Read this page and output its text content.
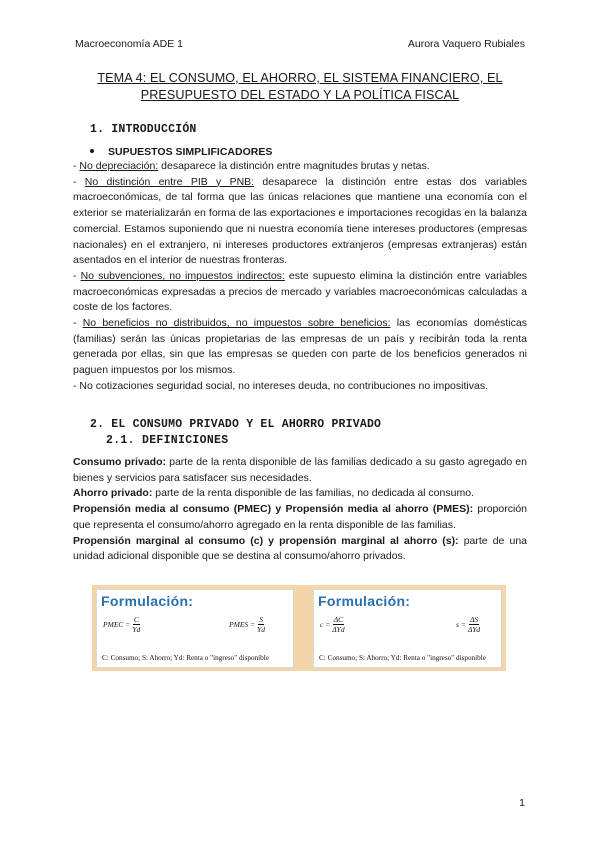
Macroeconomía ADE 1	Aurora Vaquero Rubiales
TEMA 4: EL CONSUMO, EL AHORRO, EL SISTEMA FINANCIERO, EL
PRESUPUESTO DEL ESTADO Y LA POLÍTICA FISCAL
1. INTRODUCCIÓN
SUPUESTOS SIMPLIFICADORES

- No depreciación: desaparece la distinción entre magnitudes brutas y netas.

- No distinción entre PIB y PNB: desaparece la distinción entre estas dos variables macroeconómicas, de tal forma que las únicas relaciones que mantiene una economía con el exterior se materializarán en forma de las exportaciones e importaciones recogidas en la balanza comercial. Estamos suponiendo que ni nuestra economía tiene intereses productores (empresas nacionales) en el extranjero, ni intereses productores extranjeros (empresas extranjeras) están asentados en el interior de nuestras fronteras.

- No subvenciones, no impuestos indirectos: este supuesto elimina la distinción entre variables macroeconómicas expresadas a precios de mercado y variables macroeconómicas calculadas a coste de los factores.

- No beneficios no distribuidos, no impuestos sobre beneficios: las economías domésticas (familias) serán las únicas propietarias de las empresas de un país y recibirán toda la renta generada por ellas, sin que las empresas se queden con parte de los beneficios generados ni paguen impuestos por los mismos.

- No cotizaciones seguridad social, no intereses deuda, no contribuciones no impositivas.

2. EL CONSUMO PRIVADO Y EL AHORRO PRIVADO
2.1. DEFINICIONES

Consumo privado: parte de la renta disponible de las familias dedicado a su gasto agregado en bienes y servicios para satisfacer sus necesidades.

Ahorro privado: parte de la renta disponible de las familias, no dedicada al consumo.

Propensión media al consumo (PMEC) y Propensión media al ahorro (PMES): proporción que representa el consumo/ahorro agregado en la renta disponible de las familias.

Propensión marginal al consumo (c) y propensión marginal al ahorro (s): parte de una unidad adicional disponible que se destina al consumo/ahorro privados.

Formulación:
PMEC = $\frac{C}{Yd}$	PMES = $\frac{S}{Yd}$
C: Consumo; S: Ahorro; Yd: Renta o "ingreso" disponible
Formulación:
$c = \frac{\Delta C}{\text{ΔYd}}$	$s = \frac{\Delta S}{\text{ΔYd}}$
C: Consumo; S: Ahorro; Yd: Renta o "ingreso" disponible
1
